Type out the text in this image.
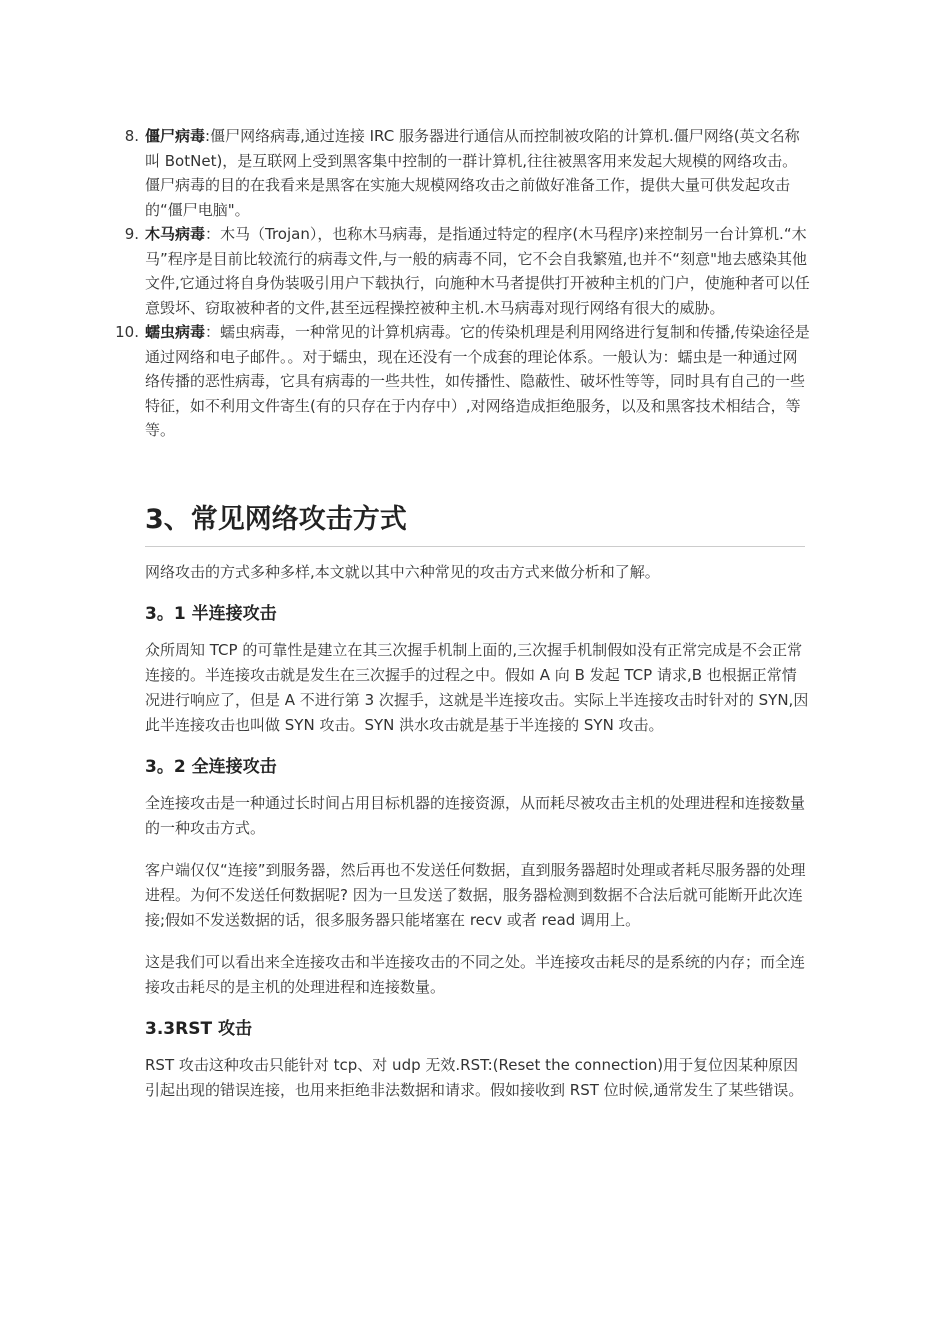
8. 僵尸病毒:僵尸网络病毒,通过连接 IRC 服务器进行通信从而控制被攻陷的计算机.僵尸网络(英文名称叫 BotNet)，是互联网上受到黑客集中控制的一群计算机,往往被黑客用来发起大规模的网络攻击。僵尸病毒的目的在我看来是黑客在实施大规模网络攻击之前做好准备工作，提供大量可供发起攻击的“僵尸电脑"。
9. 木马病毒：木马（Trojan），也称木马病毒，是指通过特定的程序(木马程序)来控制另一台计算机.“木马”程序是目前比较流行的病毒文件,与一般的病毒不同，它不会自我繁殖,也并不“刻意"地去感染其他文件,它通过将自身伪装吸引用户下载执行，向施种木马者提供打开被种主机的门户，使施种者可以任意毁坏、窃取被种者的文件,甚至远程操控被种主机.木马病毒对现行网络有很大的威胁。
10. 蠕虫病毒：蠕虫病毒，一种常见的计算机病毒。它的传染机理是利用网络进行复制和传播,传染途径是通过网络和电子邮件。。对于蠕虫，现在还没有一个成套的理论体系。一般认为：蠕虫是一种通过网络传播的恶性病毒，它具有病毒的一些共性，如传播性、隐蔽性、破坏性等等，同时具有自己的一些特征，如不利用文件寄生(有的只存在于内存中）,对网络造成拒绝服务，以及和黑客技术相结合，等等。
3、常见网络攻击方式

网络攻击的方式多种多样,本文就以其中六种常见的攻击方式来做分析和了解。

3。1 半连接攻击

众所周知 TCP 的可靠性是建立在其三次握手机制上面的,三次握手机制假如没有正常完成是不会正常连接的。半连接攻击就是发生在三次握手的过程之中。假如 A 向 B 发起 TCP 请求,B 也根据正常情况进行响应了，但是 A 不进行第 3 次握手，这就是半连接攻击。实际上半连接攻击时针对的 SYN,因此半连接攻击也叫做 SYN 攻击。SYN 洪水攻击就是基于半连接的 SYN 攻击。

3。2 全连接攻击

全连接攻击是一种通过长时间占用目标机器的连接资源，从而耗尽被攻击主机的处理进程和连接数量的一种攻击方式。

客户端仅仅“连接”到服务器，然后再也不发送任何数据，直到服务器超时处理或者耗尽服务器的处理进程。为何不发送任何数据呢? 因为一旦发送了数据，服务器检测到数据不合法后就可能断开此次连接;假如不发送数据的话，很多服务器只能堵塞在 recv 或者 read 调用上。

这是我们可以看出来全连接攻击和半连接攻击的不同之处。半连接攻击耗尽的是系统的内存；而全连接攻击耗尽的是主机的处理进程和连接数量。

3.3RST 攻击

RST 攻击这种攻击只能针对 tcp、对 udp 无效.RST:(Reset the connection)用于复位因某种原因引起出现的错误连接，也用来拒绝非法数据和请求。假如接收到 RST 位时候,通常发生了某些错误。
